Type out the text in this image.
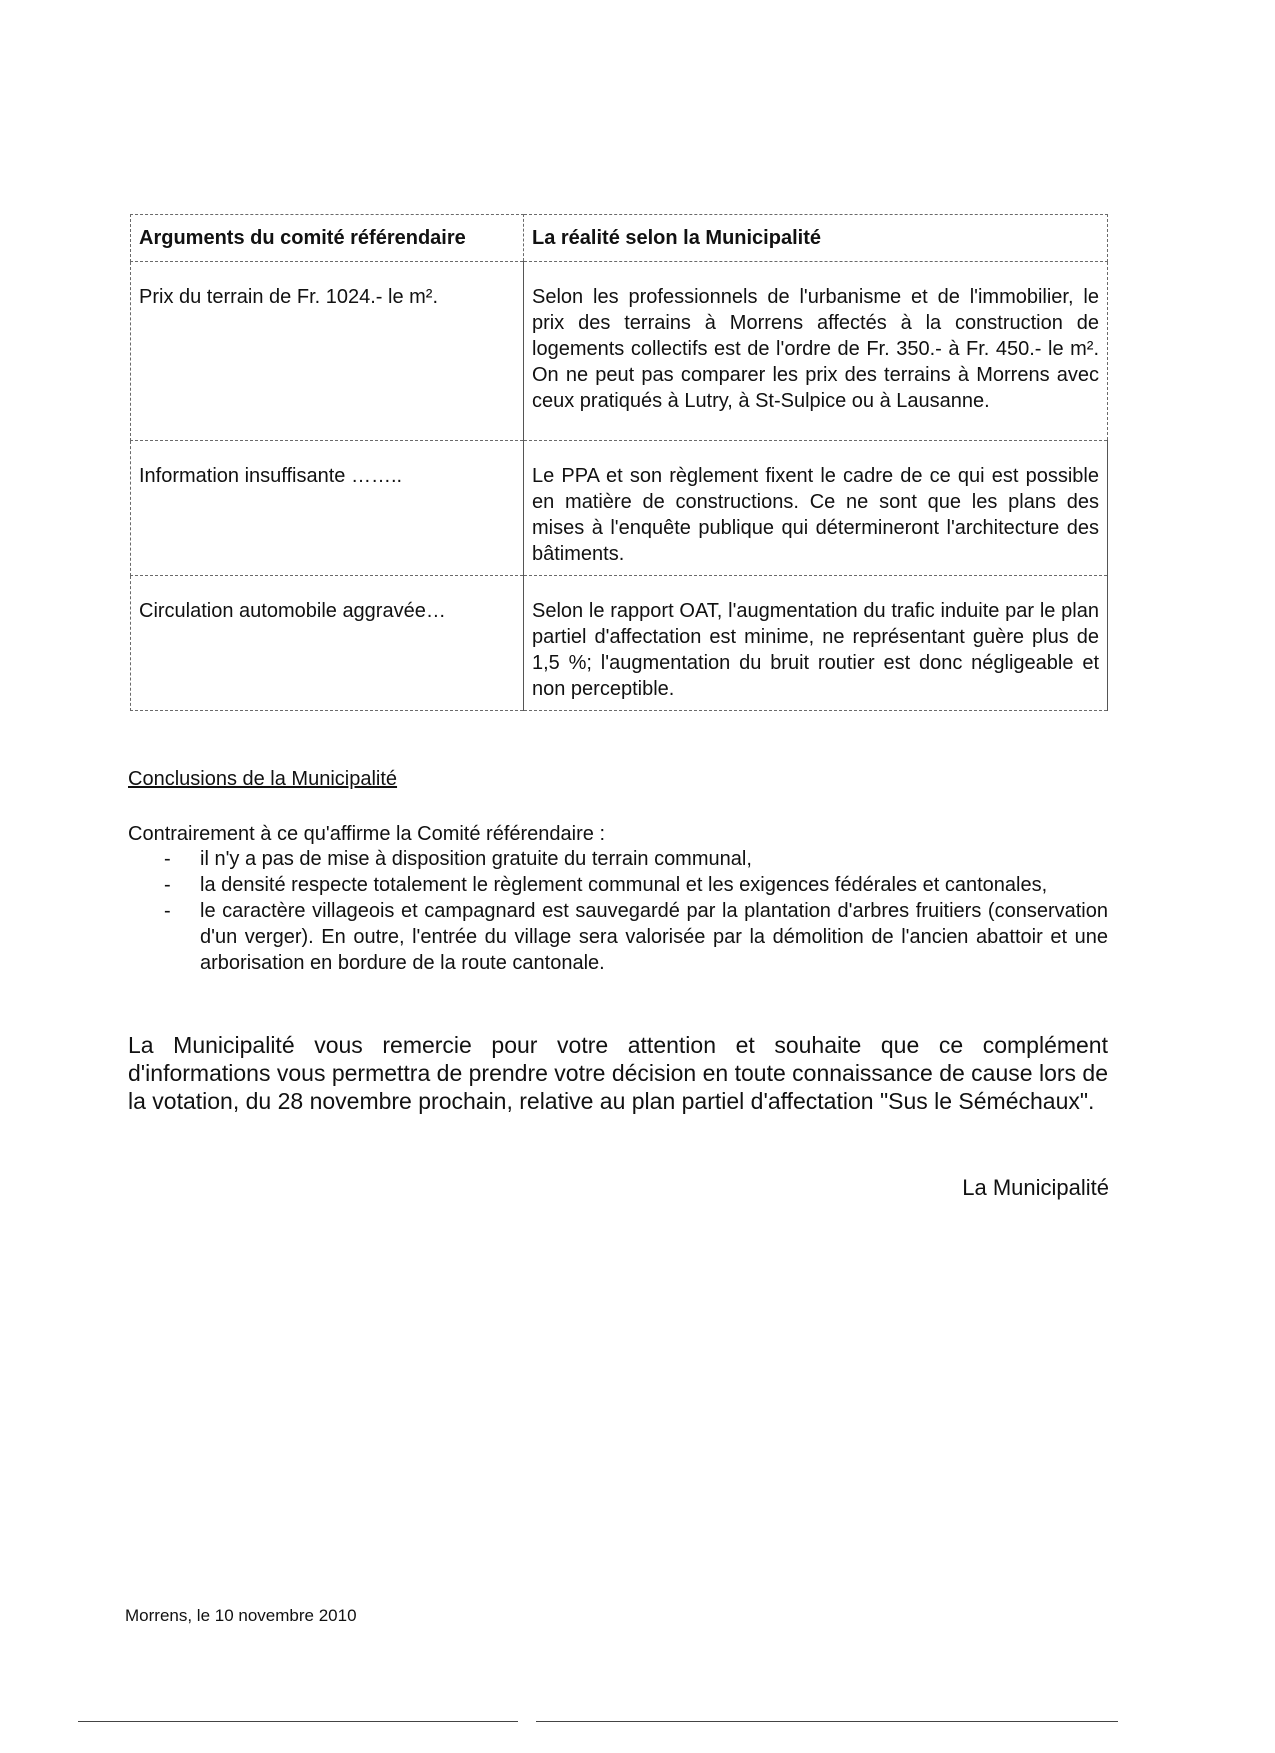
Arguments du comité référendaire	La réalité selon la Municipalité
Prix du terrain de Fr. 1024.- le m².	Selon les professionnels de l'urbanisme et de l'immobilier, le prix des terrains à Morrens affectés à la construction de logements collectifs est de l'ordre de Fr. 350.- à Fr. 450.- le m². On ne peut pas comparer les prix des terrains à Morrens avec ceux pratiqués à Lutry, à St-Sulpice ou à Lausanne.
Information insuffisante ……..	Le PPA et son règlement fixent le cadre de ce qui est possible en matière de constructions. Ce ne sont que les plans des mises à l'enquête publique qui détermineront l'architecture des bâtiments.
Circulation automobile aggravée…	Selon le rapport OAT, l'augmentation du trafic induite par le plan partiel d'affectation est minime, ne représentant guère plus de 1,5 %; l'augmentation du bruit routier est donc négligeable et non perceptible.
Conclusions de la Municipalité
Contrairement à ce qu'affirme la Comité référendaire :
- il n'y a pas de mise à disposition gratuite du terrain communal,
- la densité respecte totalement le règlement communal et les exigences fédérales et cantonales,
- le caractère villageois et campagnard est sauvegardé par la plantation d'arbres fruitiers (conservation d'un verger). En outre, l'entrée du village sera valorisée par la démolition de l'ancien abattoir et une arborisation en bordure de la route cantonale.

La Municipalité vous remercie pour votre attention et souhaite que ce complément d'informations vous permettra de prendre votre décision en toute connaissance de cause lors de la votation, du 28 novembre prochain, relative au plan partiel d'affectation "Sus le Séméchaux".

La Municipalité
Morrens, le 10 novembre 2010
